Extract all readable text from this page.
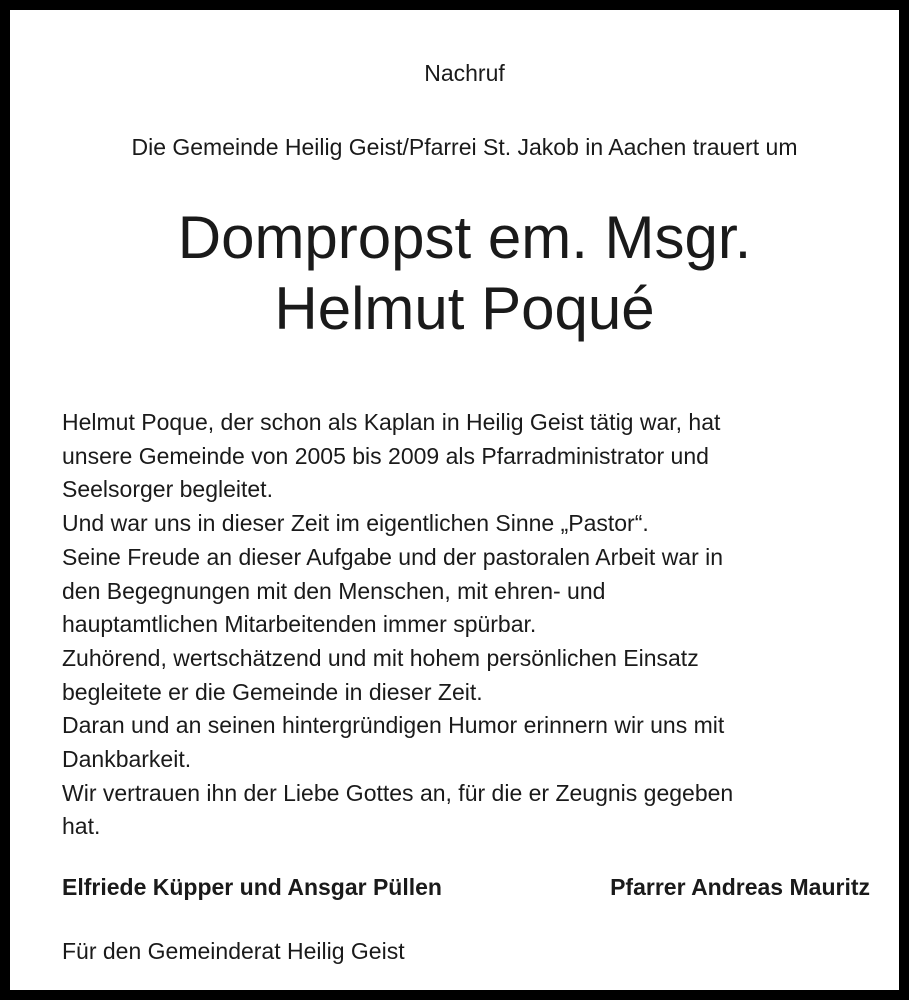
Nachruf
Die Gemeinde Heilig Geist/Pfarrei St. Jakob in Aachen trauert um
Dompropst em. Msgr.
Helmut Poqué
Helmut Poque, der schon als Kaplan in Heilig Geist tätig war, hat
unsere Gemeinde von 2005 bis 2009 als Pfarradministrator und
Seelsorger begleitet.
Und war uns in dieser Zeit im eigentlichen Sinne „Pastor“.
Seine Freude an dieser Aufgabe und der pastoralen Arbeit war in
den Begegnungen mit den Menschen, mit ehren- und
hauptamtlichen Mitarbeitenden immer spürbar.
Zuhörend, wertschätzend und mit hohem persönlichen Einsatz
begleitete er die Gemeinde in dieser Zeit.
Daran und an seinen hintergründigen Humor erinnern wir uns mit
Dankbarkeit.
Wir vertrauen ihn der Liebe Gottes an, für die er Zeugnis gegeben
hat.
Elfriede Küpper und Ansgar Püllen	Pfarrer Andreas Mauritz
Für den Gemeinderat Heilig Geist
